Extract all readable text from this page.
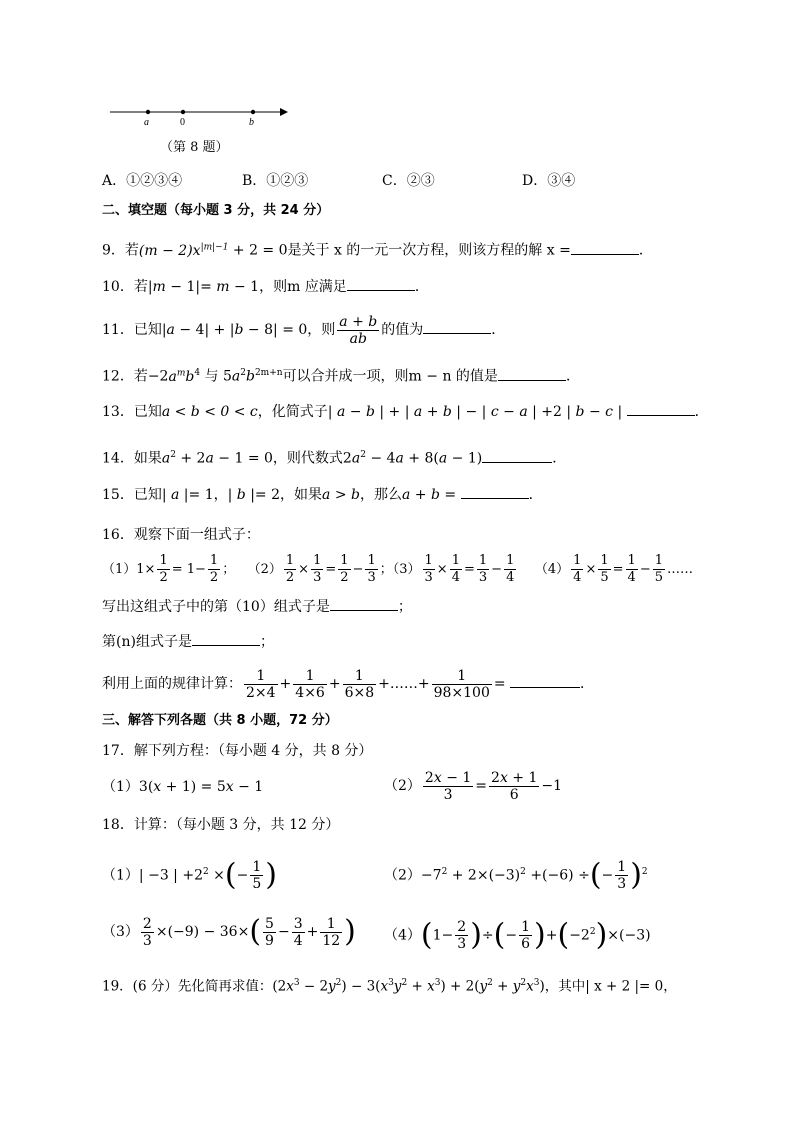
a	0	b
（第 8 题）
A．①②③④	B．①②③	C．②③	D．③④
二、填空题（每小题 3 分，共 24 分）
9．若$(m - 2)x^{|m|-1} + 2 = 0$是关于 x 的一元一次方程，则该方程的解 x =	．
10．若|m − 1|= m − 1，则m 应满足	．
11．已知|a − 4| + |b − 8| = 0，则 $\frac{a + b}{ab}$ 的值为	．
12．若$-2a^mb^4$ 与 $5a^2b^{2m+n}$可以合并成一项，则m − n 的值是	．
13．已知a < b < 0 < c，化简式子| a − b | + | a + b | − | c − a | +2 | b − c |	．
14．如果$a^2 + 2a - 1 = 0$，则代数式$2a^2 - 4a + 8(a - 1)$	．
15．已知| a |= 1，| b |= 2，如果a > b，那么a + b =	．
16．观察下面一组式子：
$(1)1\times \frac{1}{2} = 1- \frac{1}{2}$ ；   $(2) \frac{1}{2} \times \frac{1}{3} = \frac{1}{2} - \frac{1}{3}$ ；$(3) \frac{1}{3} \times \frac{1}{4} = \frac{1}{3} - \frac{1}{4} (4) \frac{1}{4} \times \frac{1}{5} = \frac{1}{4} - \frac{1}{5}$ ……
写出这组式子中的第（10）组式子是	；
第(n)组式子是	；
利用上面的规律计算： $\frac{1}{2\times 4} + \frac{1}{4\times 6} + \frac{1}{6\times 8}$ +……+ $\frac{1}{98\times 100}$ =	．
三、解答下列各题（共 8 小题，72 分）
17．解下列方程：（每小题 4 分，共 8 分）
（1）3(x + 1) = 5x − 1	$(2) \frac{2x - 1}{3} = \frac{2x + 1}{6} -1$
18．计算：（每小题 3 分，共 12 分）
（1）| −3 | $+2^2$ ×(− $\frac{1}{5}$ )	$(2)-7^2 + 2\times(-3)^2 +(-6)$ ÷(− $\frac{1}{3} )^2$
$(3) \frac{2}{3} \times(-9) - 36\times( \frac{5}{9} - \frac{3}{4} + \frac{1}{12}$ ) $(4)(1- \frac{2}{3}$ )÷(− $\frac{1}{6} )+(-2^2)\times(-3)$
19．(6 分）先化简再求值：$(2x^3 - 2y^2) - 3(x^3y^2 + x^3) + 2(y^2 + y^2x^3)$，其中| x + 2 |= 0，
